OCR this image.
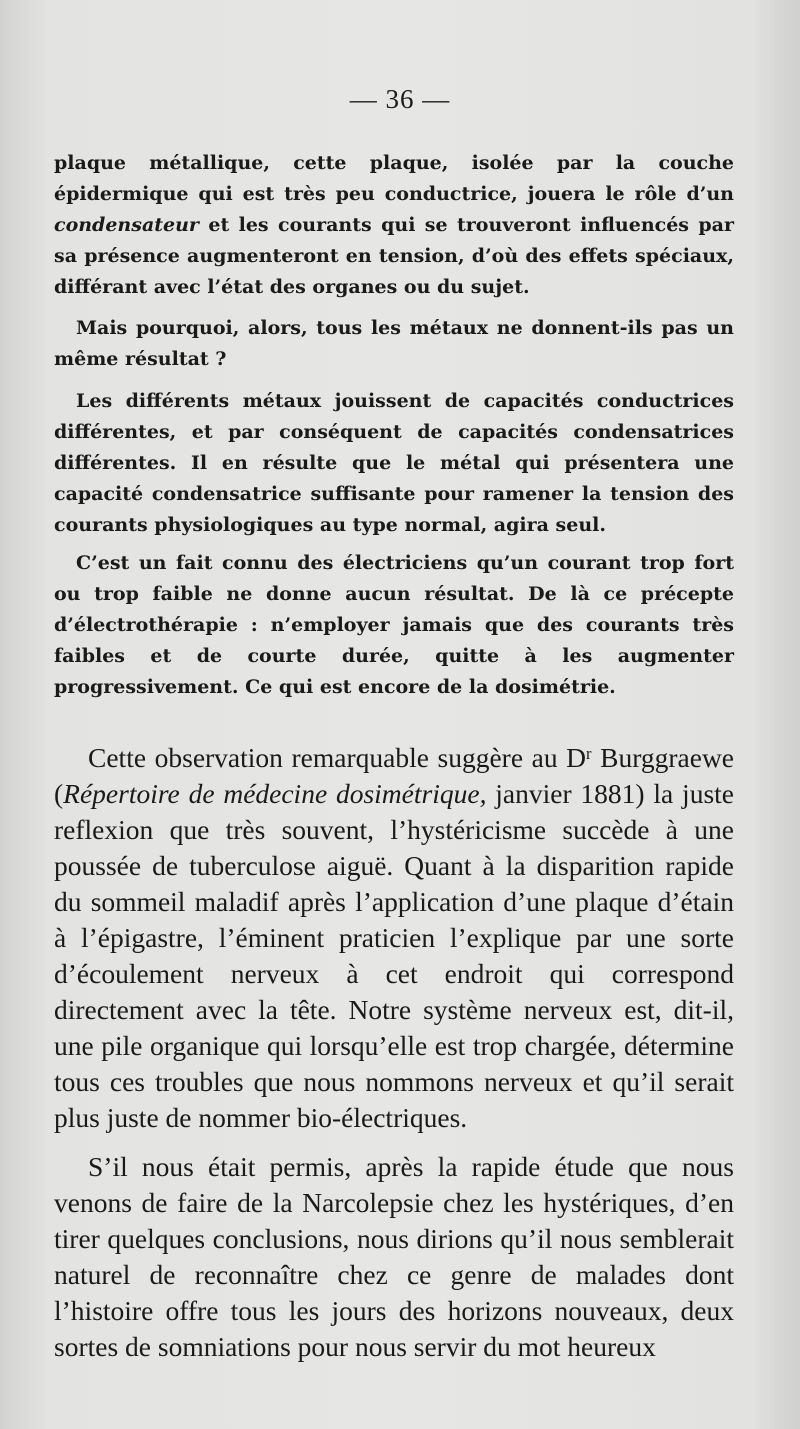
— 36 —

plaque métallique, cette plaque, isolée par la couche épidermique qui est très peu conductrice, jouera le rôle d’un condensateur et les courants qui se trouveront influencés par sa présence augmenteront en tension, d’où des effets spéciaux, différant avec l’état des organes ou du sujet.

Mais pourquoi, alors, tous les métaux ne donnent-ils pas un même résultat ?

Les différents métaux jouissent de capacités conductrices différentes, et par conséquent de capacités condensatrices différentes. Il en résulte que le métal qui présentera une capacité condensatrice suffisante pour ramener la tension des courants physiologiques au type normal, agira seul.

C’est un fait connu des électriciens qu’un courant trop fort ou trop faible ne donne aucun résultat. De là ce précepte d’électrothérapie : n’employer jamais que des courants très faibles et de courte durée, quitte à les augmenter progressivement. Ce qui est encore de la dosimétrie.

Cette observation remarquable suggère au $D^r$ Burggraewe (Répertoire de médecine dosimétrique, janvier 1881) la juste reflexion que très souvent, l’hystéricisme succède à une poussée de tuberculose aiguë. Quant à la disparition rapide du sommeil maladif après l’application d’une plaque d’étain à l’épigastre, l’éminent praticien l’explique par une sorte d’écoulement nerveux à cet endroit qui correspond directement avec la tête. Notre système nerveux est, dit-il, une pile organique qui lorsqu’elle est trop chargée, détermine tous ces troubles que nous nommons nerveux et qu’il serait plus juste de nommer bio-électriques.

S’il nous était permis, après la rapide étude que nous venons de faire de la Narcolepsie chez les hystériques, d’en tirer quelques conclusions, nous dirions qu’il nous semblerait naturel de reconnaître chez ce genre de malades dont l’histoire offre tous les jours des horizons nouveaux, deux sortes de somniations pour nous servir du mot heureux
